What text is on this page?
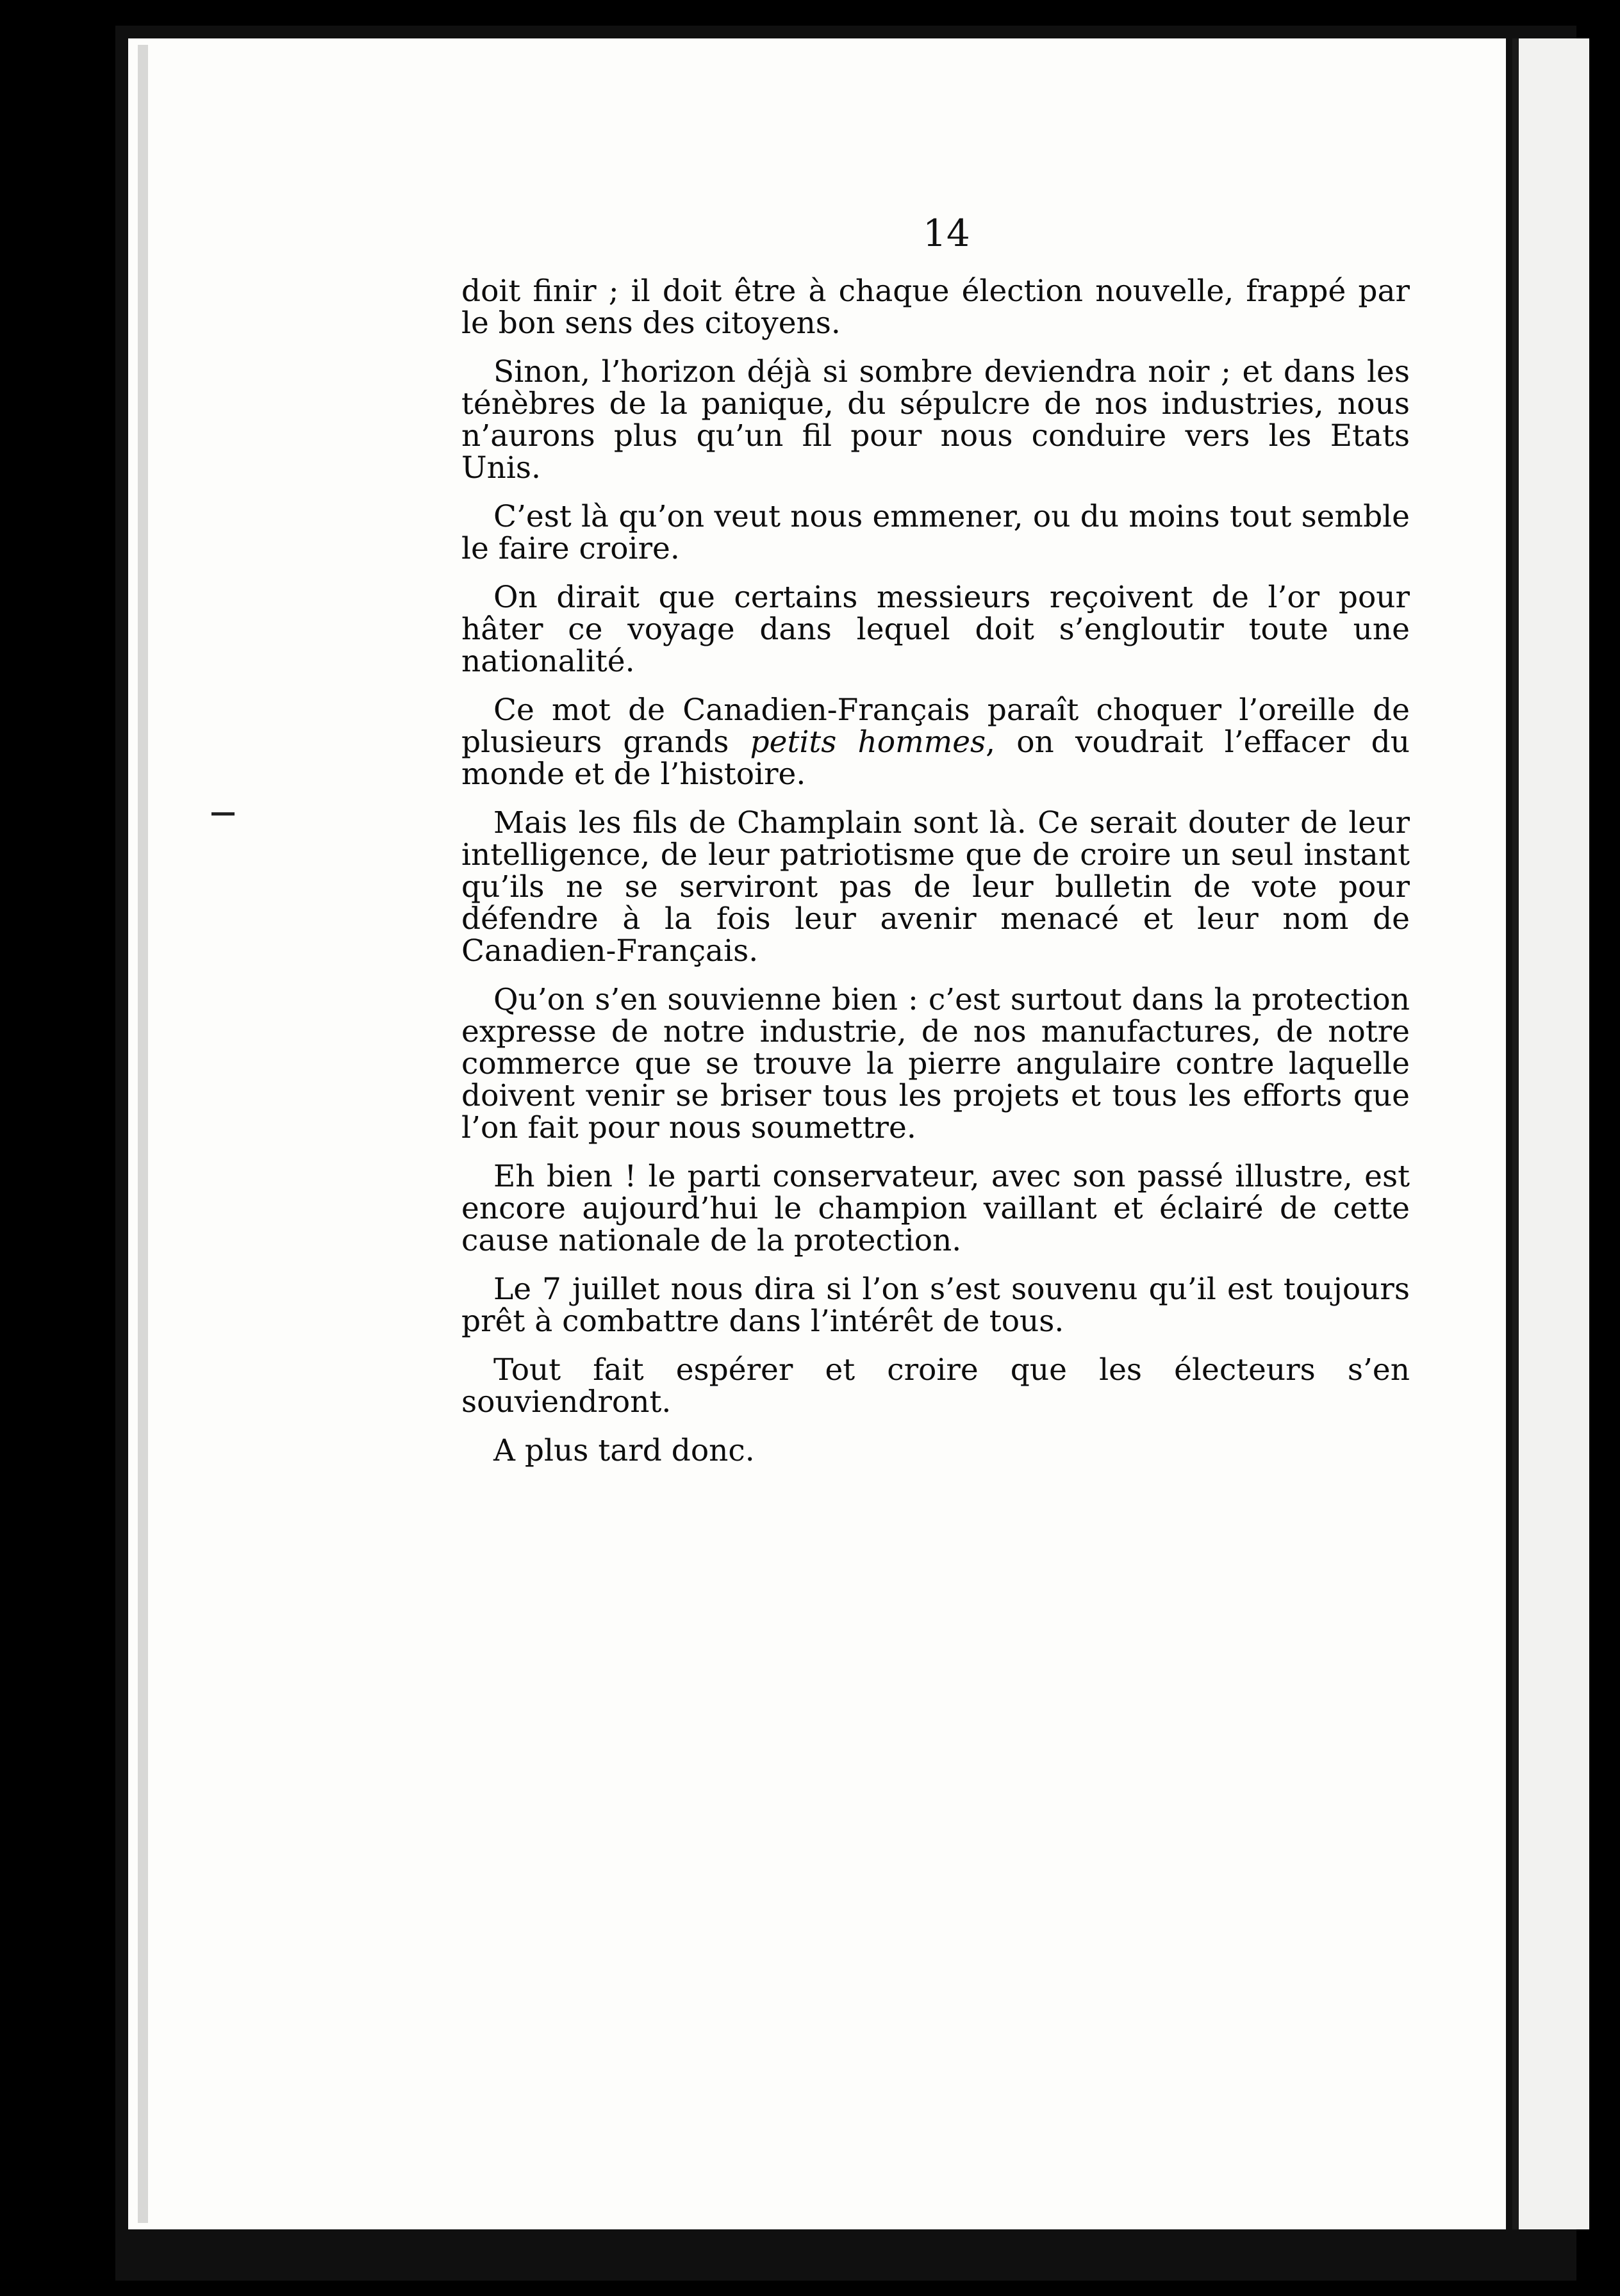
14

doit finir ; il doit être à chaque élection nouvelle, frappé par le bon sens des citoyens.

Sinon, l’horizon déjà si sombre deviendra noir ; et dans les ténèbres de la panique, du sépulcre de nos industries, nous n’aurons plus qu’un fil pour nous conduire vers les Etats Unis.

C’est là qu’on veut nous emmener, ou du moins tout semble le faire croire.

On dirait que certains messieurs reçoivent de l’or pour hâter ce voyage dans lequel doit s’engloutir toute une nationalité.

Ce mot de Canadien-Français paraît choquer l’oreille de plusieurs grands petits hommes, on voudrait l’effacer du monde et de l’histoire.

Mais les fils de Champlain sont là. Ce serait douter de leur intelligence, de leur patriotisme que de croire un seul instant qu’ils ne se serviront pas de leur bulletin de vote pour défendre à la fois leur avenir menacé et leur nom de Canadien-Français.

Qu’on s’en souvienne bien : c’est surtout dans la protection expresse de notre industrie, de nos manufactures, de notre commerce que se trouve la pierre angulaire contre laquelle doivent venir se briser tous les projets et tous les efforts que l’on fait pour nous soumettre.

Eh bien ! le parti conservateur, avec son passé illustre, est encore aujourd’hui le champion vaillant et éclairé de cette cause nationale de la protection.

Le 7 juillet nous dira si l’on s’est souvenu qu’il est toujours prêt à combattre dans l’intérêt de tous.

Tout fait espérer et croire que les électeurs s’en souviendront.

A plus tard donc.
